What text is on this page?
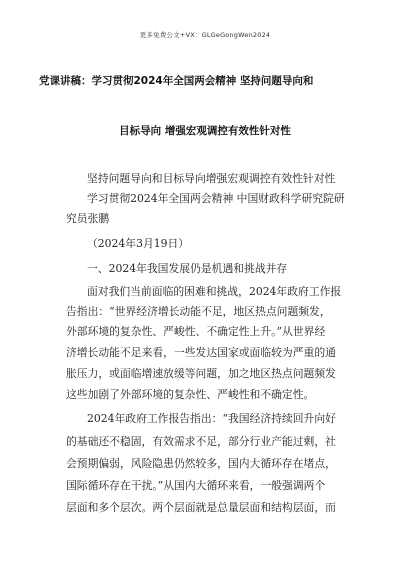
更多免费公文+VX：GLGeGongWen2024
党课讲稿：学习贯彻2024年全国两会精神 坚持问题导向和
目标导向 增强宏观调控有效性针对性
坚持问题导向和目标导向增强宏观调控有效性针对性
学习贯彻2024年全国两会精神 中国财政科学研究院研
究员张鹏
（2024年3月19日）
一、2024年我国发展仍是机遇和挑战并存
面对我们当前面临的困难和挑战，2024年政府工作报
告指出：“世界经济增长动能不足，地区热点问题频发，
外部环境的复杂性、严峻性、不确定性上升。”从世界经
济增长动能不足来看，一些发达国家或面临较为严重的通
胀压力，或面临增速放缓等问题，加之地区热点问题频发
这些加剧了外部环境的复杂性、严峻性和不确定性。
2024年政府工作报告指出：“我国经济持续回升向好
的基础还不稳固，有效需求不足，部分行业产能过剩，社
会预期偏弱，风险隐患仍然较多，国内大循环存在堵点，
国际循环存在干扰。”从国内大循环来看，一般强调两个
层面和多个层次。两个层面就是总量层面和结构层面，而
